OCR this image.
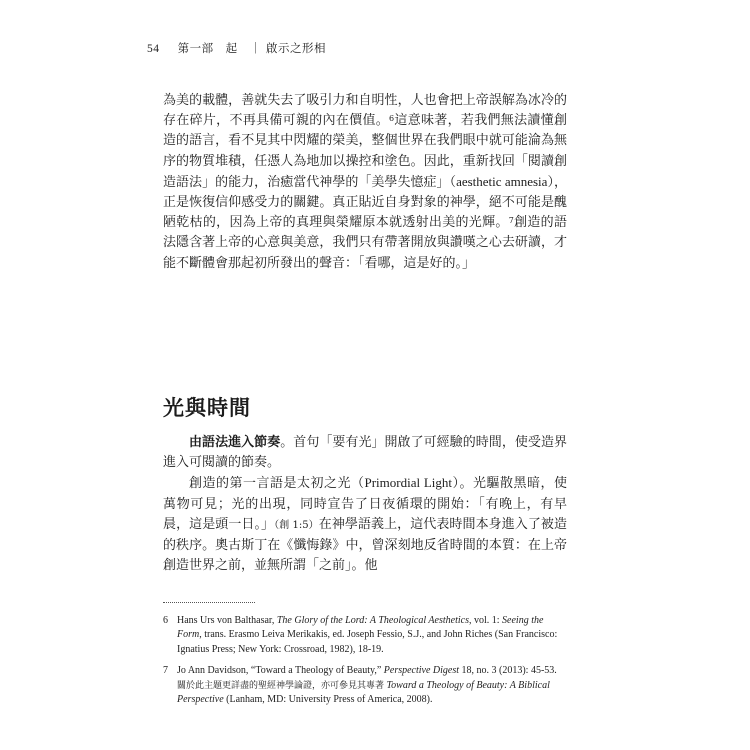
54 第一部　起 ｜ 啟示之形相

為美的載體，善就失去了吸引力和自明性，人也會把上帝誤解為冰冷的存在碎片，不再具備可親的內在價值。$^6$這意味著，若我們無法讀懂創造的語言，看不見其中閃耀的榮美，整個世界在我們眼中就可能淪為無序的物質堆積，任憑人為地加以操控和塗色。因此，重新找回「閱讀創造語法」的能力，治癒當代神學的「美學失憶症」（aesthetic amnesia），正是恢復信仰感受力的關鍵。真正貼近自身對象的神學，絕不可能是醜陋乾枯的，因為上帝的真理與榮耀原本就透射出美的光輝。$^7$創造的語法隱含著上帝的心意與美意，我們只有帶著開放與讚嘆之心去研讀，才能不斷體會那起初所發出的聲音：「看哪，這是好的。」

光與時間

由語法進入節奏。首句「要有光」開啟了可經驗的時間，使受造界進入可閱讀的節奏。

創造的第一言語是太初之光（Primordial Light）。光驅散黑暗，使萬物可見；光的出現，同時宣告了日夜循環的開始：「有晚上，有早晨，這是頭一日。」（創 1:5）在神學語義上，這代表時間本身進入了被造的秩序。奧古斯丁在《懺悔錄》中，曾深刻地反省時間的本質：在上帝創造世界之前，並無所謂「之前」。他

6 Hans Urs von Balthasar, The Glory of the Lord: A Theological Aesthetics, vol. 1: Seeing the Form, trans. Erasmo Leiva Merikakis, ed. Joseph Fessio, S.J., and John Riches (San Francisco: Ignatius Press; New York: Crossroad, 1982), 18-19.
7 Jo Ann Davidson, “Toward a Theology of Beauty,” Perspective Digest 18, no. 3 (2013): 45-53. 關於此主題更詳盡的聖經神學論證，亦可參見其專著 Toward a Theology of Beauty: A Biblical Perspective (Lanham, MD: University Press of America, 2008).
